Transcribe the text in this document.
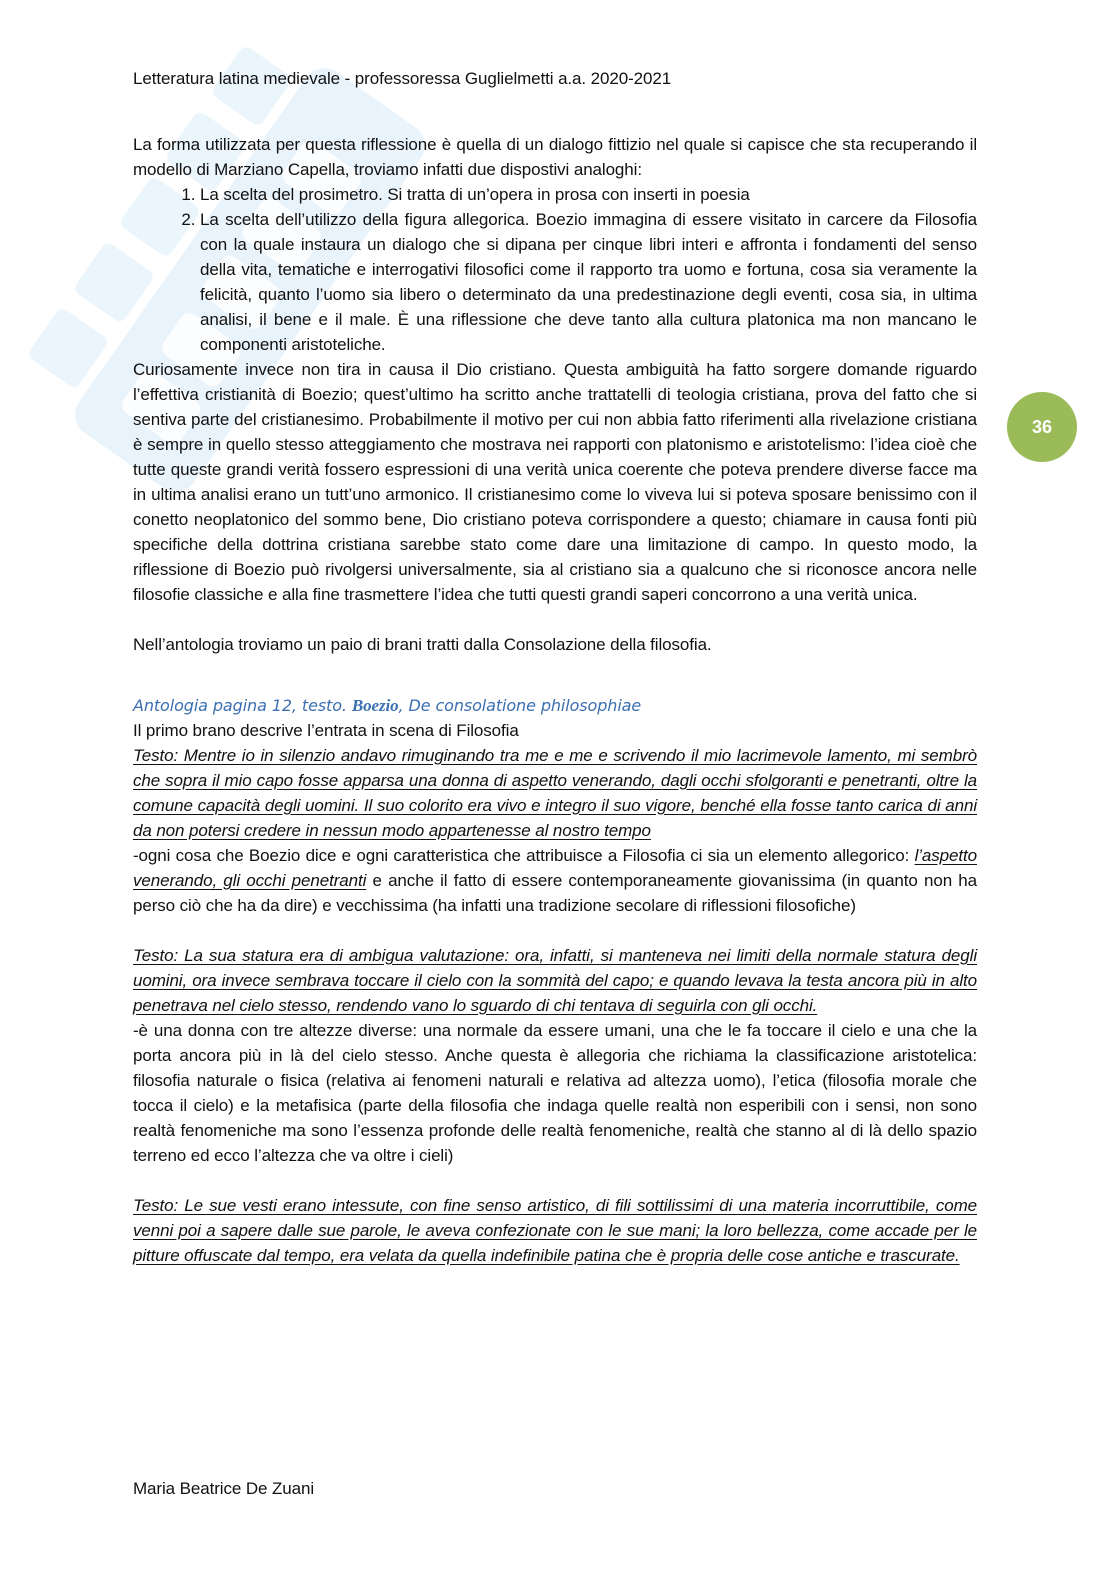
Letteratura latina medievale - professoressa Guglielmetti a.a. 2020-2021
36

La forma utilizzata per questa riflessione è quella di un dialogo fittizio nel quale si capisce che sta recuperando il modello di Marziano Capella, troviamo infatti due dispostivi analoghi:

1. La scelta del prosimetro. Si tratta di un’opera in prosa con inserti in poesia
2. La scelta dell’utilizzo della figura allegorica. Boezio immagina di essere visitato in carcere da Filosofia con la quale instaura un dialogo che si dipana per cinque libri interi e affronta i fondamenti del senso della vita, tematiche e interrogativi filosofici come il rapporto tra uomo e fortuna, cosa sia veramente la felicità, quanto l’uomo sia libero o determinato da una predestinazione degli eventi, cosa sia, in ultima analisi, il bene e il male. È una riflessione che deve tanto alla cultura platonica ma non mancano le componenti aristoteliche.

Curiosamente invece non tira in causa il Dio cristiano. Questa ambiguità ha fatto sorgere domande riguardo l’effettiva cristianità di Boezio; quest’ultimo ha scritto anche trattatelli di teologia cristiana, prova del fatto che si sentiva parte del cristianesimo. Probabilmente il motivo per cui non abbia fatto riferimenti alla rivelazione cristiana è sempre in quello stesso atteggiamento che mostrava nei rapporti con platonismo e aristotelismo: l’idea cioè che tutte queste grandi verità fossero espressioni di una verità unica coerente che poteva prendere diverse facce ma in ultima analisi erano un tutt’uno armonico. Il cristianesimo come lo viveva lui si poteva sposare benissimo con il conetto neoplatonico del sommo bene, Dio cristiano poteva corrispondere a questo; chiamare in causa fonti più specifiche della dottrina cristiana sarebbe stato come dare una limitazione di campo. In questo modo, la riflessione di Boezio può rivolgersi universalmente, sia al cristiano sia a qualcuno che si riconosce ancora nelle filosofie classiche e alla fine trasmettere l’idea che tutti questi grandi saperi concorrono a una verità unica.

Nell’antologia troviamo un paio di brani tratti dalla Consolazione della filosofia.

Antologia pagina 12, testo. Boezio, De consolatione philosophiae

Il primo brano descrive l’entrata in scena di Filosofia

Testo: Mentre io in silenzio andavo rimuginando tra me e me e scrivendo il mio lacrimevole lamento, mi sembrò che sopra il mio capo fosse apparsa una donna di aspetto venerando, dagli occhi sfolgoranti e penetranti, oltre la comune capacità degli uomini. Il suo colorito era vivo e integro il suo vigore, benché ella fosse tanto carica di anni da non potersi credere in nessun modo appartenesse al nostro tempo

-ogni cosa che Boezio dice e ogni caratteristica che attribuisce a Filosofia ci sia un elemento allegorico: l’aspetto venerando, gli occhi penetranti e anche il fatto di essere contemporaneamente giovanissima (in quanto non ha perso ciò che ha da dire) e vecchissima (ha infatti una tradizione secolare di riflessioni filosofiche)

Testo: La sua statura era di ambigua valutazione: ora, infatti, si manteneva nei limiti della normale statura degli uomini, ora invece sembrava toccare il cielo con la sommità del capo; e quando levava la testa ancora più in alto penetrava nel cielo stesso, rendendo vano lo sguardo di chi tentava di seguirla con gli occhi.

-è una donna con tre altezze diverse: una normale da essere umani, una che le fa toccare il cielo e una che la porta ancora più in là del cielo stesso. Anche questa è allegoria che richiama la classificazione aristotelica: filosofia naturale o fisica (relativa ai fenomeni naturali e relativa ad altezza uomo), l’etica (filosofia morale che tocca il cielo) e la metafisica (parte della filosofia che indaga quelle realtà non esperibili con i sensi, non sono realtà fenomeniche ma sono l’essenza profonde delle realtà fenomeniche, realtà che stanno al di là dello spazio terreno ed ecco l’altezza che va oltre i cieli)

Testo: Le sue vesti erano intessute, con fine senso artistico, di fili sottilissimi di una materia incorruttibile, come venni poi a sapere dalle sue parole, le aveva confezionate con le sue mani; la loro bellezza, come accade per le pitture offuscate dal tempo, era velata da quella indefinibile patina che è propria delle cose antiche e trascurate.

Maria Beatrice De Zuani
